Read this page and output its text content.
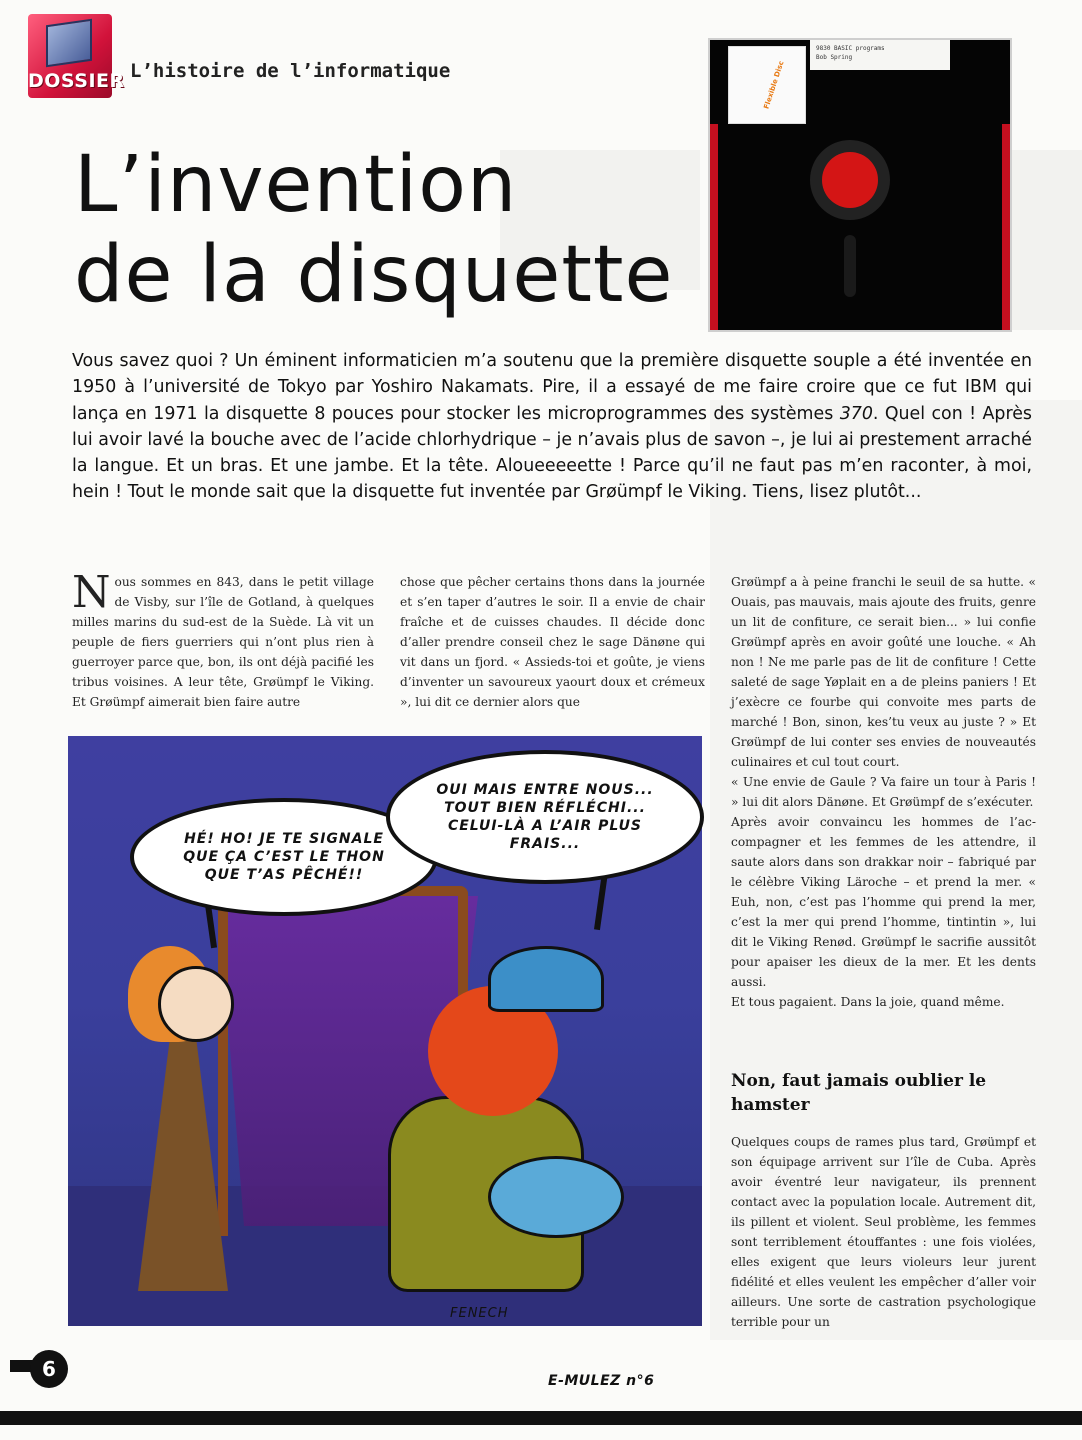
DOSSIER L’histoire de l’informatique
L’invention
de la disquette
9830 BASIC programs
Bob Spring
Flexible Disc

Vous savez quoi ? Un éminent informaticien m’a soutenu que la première disquette souple a été inventée en 1950 à l’université de Tokyo par Yoshiro Nakamats. Pire, il a essayé de me faire croire que ce fut IBM qui lança en 1971 la disquette 8 pouces pour stocker les microprogrammes des systèmes 370. Quel con ! Après lui avoir lavé la bouche avec de l’acide chlorhydrique – je n’avais plus de savon –, je lui ai prestement arraché la langue. Et un bras. Et une jambe. Et la tête. Aloueeeeette ! Parce qu’il ne faut pas m’en raconter, à moi, hein ! Tout le monde sait que la disquette fut inventée par Grøümpf le Viking. Tiens, lisez plutôt...

Nous sommes en 843, dans le petit village de Visby, sur l’île de Gotland, à quelques milles marins du sud-est de la Suède. Là vit un peuple de fiers guerriers qui n’ont plus rien à guerroyer parce que, bon, ils ont déjà pacifié les tribus voisines. A leur tête, Grøümpf le Viking. Et Grøümpf aimerait bien faire autre
chose que pêcher certains thons dans la journée et s’en taper d’autres le soir. Il a envie de chair fraîche et de cuisses chaudes. Il décide donc d’aller prendre conseil chez le sage Dänøne qui vit dans un fjord. « Assieds-toi et goûte, je viens d’inventer un savoureux yaourt doux et crémeux », lui dit ce dernier alors que
Grøümpf a à peine franchi le seuil de sa hutte. « Ouais, pas mauvais, mais ajoute des fruits, genre un lit de confiture, ce serait bien... » lui confie Grøümpf après en avoir goûté une louche. « Ah non ! Ne me parle pas de lit de confiture ! Cette saleté de sage Yøplait en a de pleins paniers ! Et j’exècre ce fourbe qui convoite mes parts de marché ! Bon, sinon, kes’tu veux au juste ? » Et Grøümpf de lui conter ses envies de nouveautés culinaires et cul tout court.
« Une envie de Gaule ? Va faire un tour à Paris ! » lui dit alors Dänøne. Et Grøümpf de s’exécuter.
Après avoir convaincu les hommes de l’accompagner et les femmes de les attendre, il saute alors dans son drakkar noir – fabriqué par le célèbre Viking Läroche – et prend la mer. « Euh, non, c’est pas l’homme qui prend la mer, c’est la mer qui prend l’homme, tintintin », lui dit le Viking Renød. Grøümpf le sacrifie aussitôt pour apaiser les dieux de la mer. Et les dents aussi.
Et tous pagaient. Dans la joie, quand même.
Non, faut jamais oublier le hamster
Quelques coups de rames plus tard, Grøümpf et son équipage arrivent sur l’île de Cuba. Après avoir éventré leur navigateur, ils prennent contact avec la population locale. Autrement dit, ils pillent et violent. Seul problème, les femmes sont terriblement étouffantes : une fois violées, elles exigent que leurs violeurs leur jurent fidélité et elles veulent les empêcher d’aller voir ailleurs. Une sorte de castration psychologique terrible pour un
HÉ! HO! JE TE SIGNALE QUE ÇA C’EST LE THON QUE T’AS PÊCHÉ!!
OUI MAIS ENTRE NOUS... TOUT BIEN RÉFLÉCHI... CELUI-LÀ A L’AIR PLUS FRAIS...
FENECH
6	E-MULEZ n°6
